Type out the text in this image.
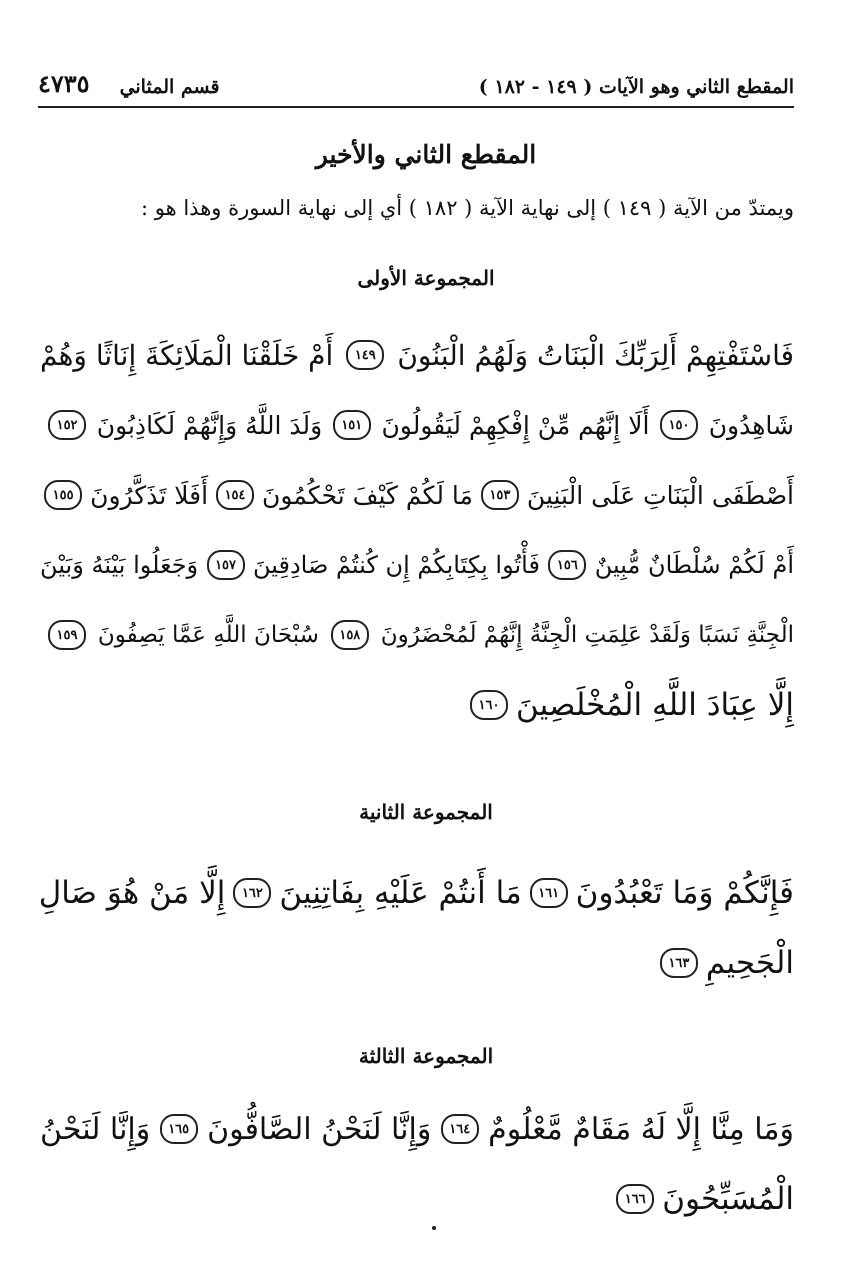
المقطع الثاني وهو الآيات ( ١٤٩ - ١٨٢ )
قسم المثاني
٤٧٣٥
المقطع الثاني والأخير
ويمتدّ من الآية ( ١٤٩ ) إلى نهاية الآية ( ١٨٢ ) أي إلى نهاية السورة وهذا هو :
المجموعة الأولى
فَاسْتَفْتِهِمْ أَلِرَبِّكَ الْبَنَاتُ وَلَهُمُ الْبَنُونَ
١٤٩
أَمْ خَلَقْنَا الْمَلَائِكَةَ إِنَاثًا وَهُمْ
شَاهِدُونَ
١٥٠
أَلَا إِنَّهُم مِّنْ إِفْكِهِمْ لَيَقُولُونَ
١٥١
وَلَدَ اللَّهُ وَإِنَّهُمْ لَكَاذِبُونَ
١٥٢
أَصْطَفَى الْبَنَاتِ عَلَى الْبَنِينَ
١٥٣
مَا لَكُمْ كَيْفَ تَحْكُمُونَ
١٥٤
أَفَلَا تَذَكَّرُونَ
١٥٥
أَمْ لَكُمْ سُلْطَانٌ مُّبِينٌ
١٥٦
فَأْتُوا بِكِتَابِكُمْ إِن كُنتُمْ صَادِقِينَ
١٥٧
وَجَعَلُوا بَيْنَهُ وَبَيْنَ
الْجِنَّةِ نَسَبًا وَلَقَدْ عَلِمَتِ الْجِنَّةُ إِنَّهُمْ لَمُحْضَرُونَ
١٥٨
سُبْحَانَ اللَّهِ عَمَّا يَصِفُونَ
١٥٩
إِلَّا عِبَادَ اللَّهِ الْمُخْلَصِينَ
١٦٠
المجموعة الثانية
فَإِنَّكُمْ وَمَا تَعْبُدُونَ
١٦١
مَا أَنتُمْ عَلَيْهِ بِفَاتِنِينَ
١٦٢
إِلَّا مَنْ هُوَ صَالِ
الْجَحِيمِ
١٦٣
المجموعة الثالثة
وَمَا مِنَّا إِلَّا لَهُ مَقَامٌ مَّعْلُومٌ
١٦٤
وَإِنَّا لَنَحْنُ الصَّافُّونَ
١٦٥
وَإِنَّا لَنَحْنُ
الْمُسَبِّحُونَ
١٦٦
